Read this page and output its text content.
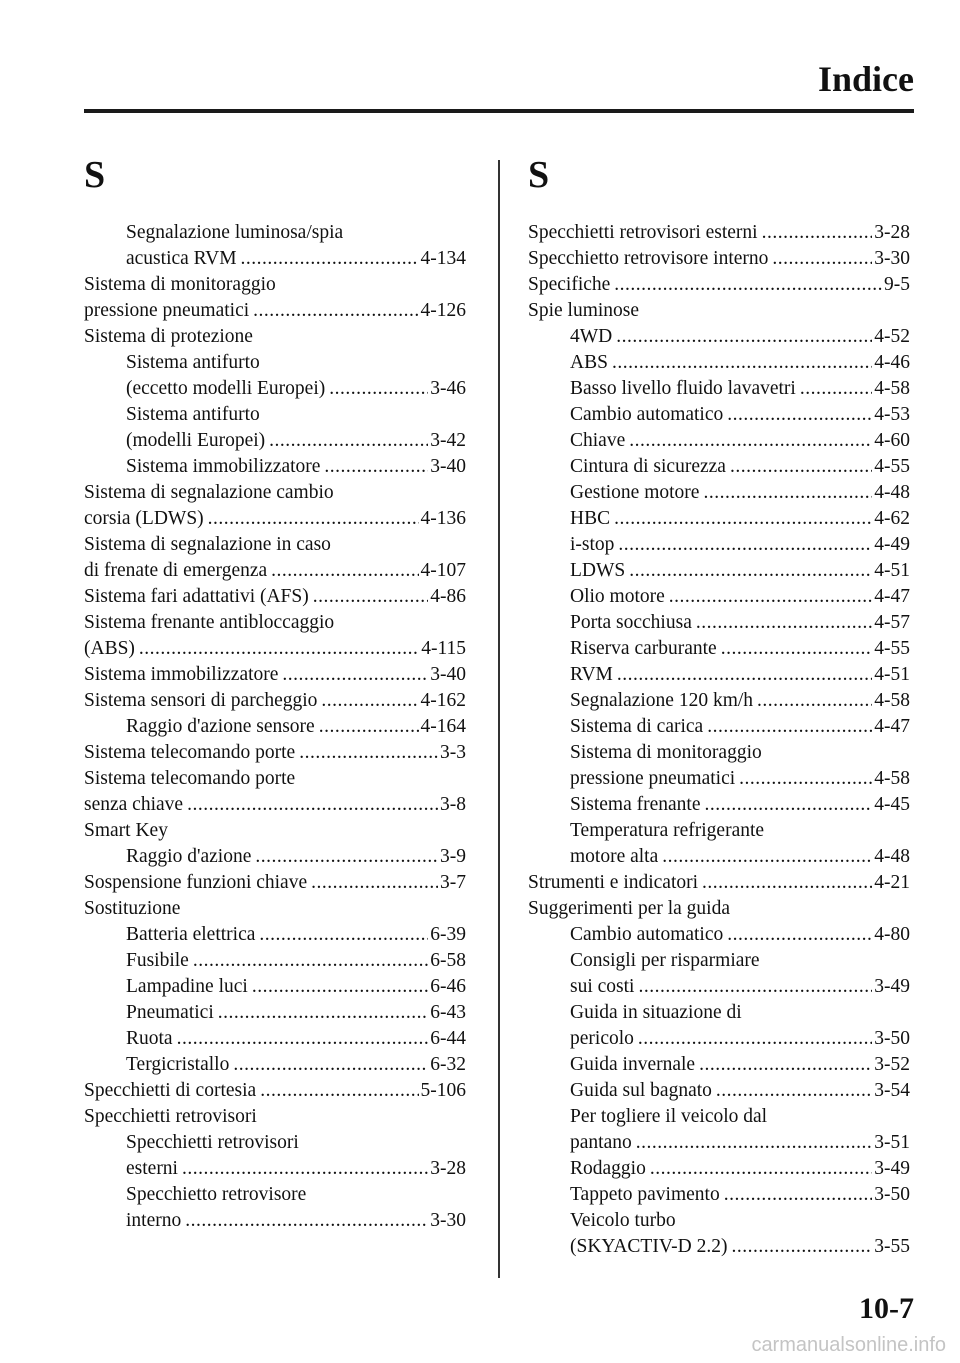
Indice
S
Segnalazione luminosa/spia
acustica RVM .....	4-134
Sistema di monitoraggio
pressione pneumatici .....	4-126
Sistema di protezione
Sistema antifurto
(eccetto modelli Europei) .....	3-46
Sistema antifurto
(modelli Europei) .....	3-42
Sistema immobilizzatore .....	3-40
Sistema di segnalazione cambio
corsia (LDWS) .....	4-136
Sistema di segnalazione in caso
di frenate di emergenza .....	4-107
Sistema fari adattativi (AFS) .....	4-86
Sistema frenante antibloccaggio
(ABS) .....	4-115
Sistema immobilizzatore .....	3-40
Sistema sensori di parcheggio .....	4-162
Raggio d'azione sensore .....	4-164
Sistema telecomando porte .....	3-3
Sistema telecomando porte
senza chiave .....	3-8
Smart Key
Raggio d'azione .....	3-9
Sospensione funzioni chiave .....	3-7
Sostituzione
Batteria elettrica .....	6-39
Fusibile .....	6-58
Lampadine luci .....	6-46
Pneumatici .....	6-43
Ruota .....	6-44
Tergicristallo .....	6-32
Specchietti di cortesia .....	5-106
Specchietti retrovisori
Specchietti retrovisori
esterni .....	3-28
Specchietto retrovisore
interno .....	3-30
S
Specchietti retrovisori esterni .....	3-28
Specchietto retrovisore interno .....	3-30
Specifiche .....	9-5
Spie luminose
4WD .....	4-52
ABS .....	4-46
Basso livello fluido lavavetri .....	4-58
Cambio automatico .....	4-53
Chiave .....	4-60
Cintura di sicurezza .....	4-55
Gestione motore .....	4-48
HBC .....	4-62
i-stop .....	4-49
LDWS .....	4-51
Olio motore .....	4-47
Porta socchiusa .....	4-57
Riserva carburante .....	4-55
RVM .....	4-51
Segnalazione 120 km/h .....	4-58
Sistema di carica .....	4-47
Sistema di monitoraggio
pressione pneumatici .....	4-58
Sistema frenante .....	4-45
Temperatura refrigerante
motore alta .....	4-48
Strumenti e indicatori .....	4-21
Suggerimenti per la guida
Cambio automatico .....	4-80
Consigli per risparmiare
sui costi .....	3-49
Guida in situazione di
pericolo .....	3-50
Guida invernale .....	3-52
Guida sul bagnato .....	3-54
Per togliere il veicolo dal
pantano .....	3-51
Rodaggio .....	3-49
Tappeto pavimento .....	3-50
Veicolo turbo
(SKYACTIV-D 2.2) .....	3-55
10-7
carmanualsonline.info
